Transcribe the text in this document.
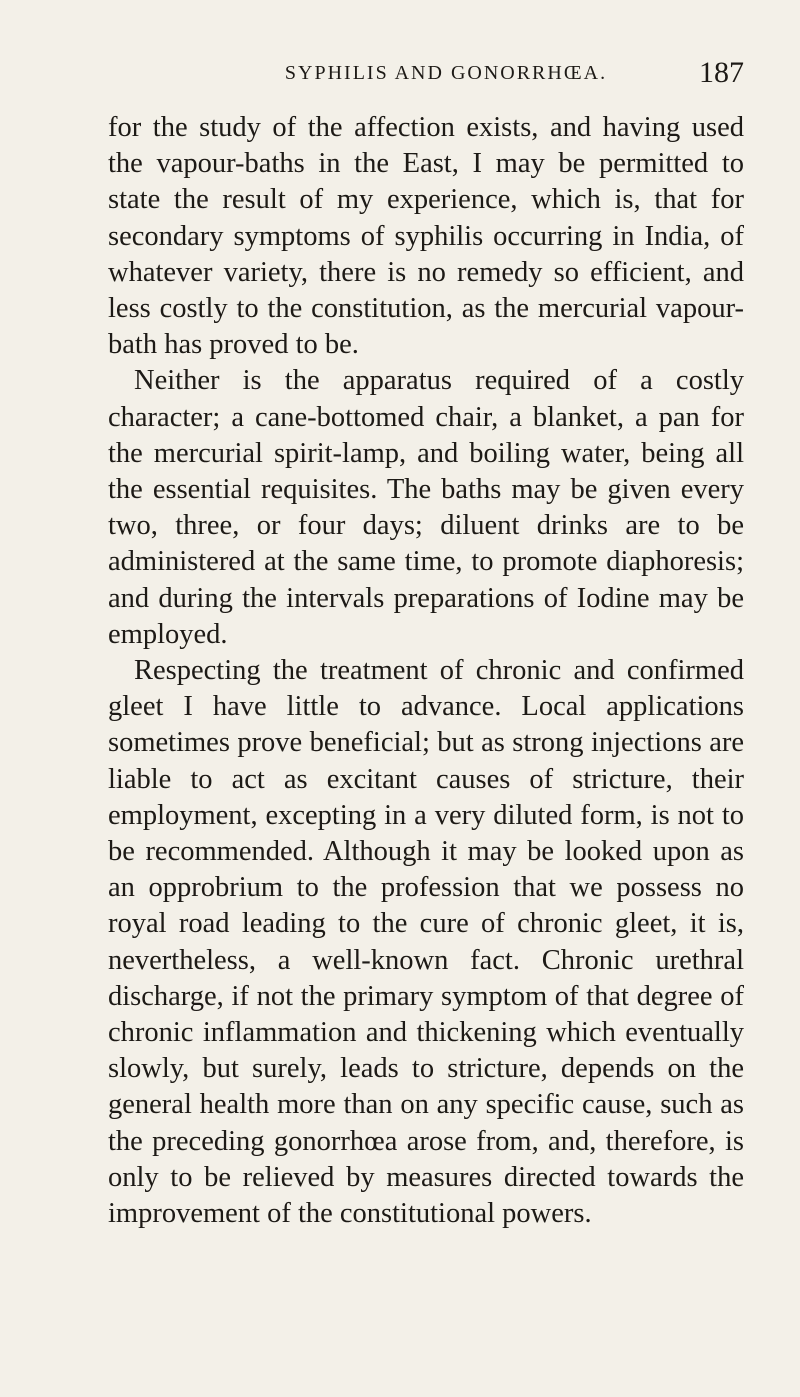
SYPHILIS AND GONORRHŒA.	187

for the study of the affection exists, and having used the vapour-baths in the East, I may be permitted to state the result of my experience, which is, that for secondary symptoms of syphilis occurring in India, of whatever variety, there is no remedy so efficient, and less costly to the constitution, as the mercurial vapour-bath has proved to be.

Neither is the apparatus required of a costly character; a cane-bottomed chair, a blanket, a pan for the mercurial spirit-lamp, and boiling water, being all the essential requisites. The baths may be given every two, three, or four days; diluent drinks are to be administered at the same time, to promote diaphoresis; and during the intervals preparations of Iodine may be employed.

Respecting the treatment of chronic and confirmed gleet I have little to advance. Local applications sometimes prove beneficial; but as strong injections are liable to act as excitant causes of stricture, their employment, excepting in a very diluted form, is not to be recommended. Although it may be looked upon as an opprobrium to the profession that we possess no royal road leading to the cure of chronic gleet, it is, nevertheless, a well-known fact. Chronic urethral discharge, if not the primary symptom of that degree of chronic inflammation and thickening which eventually slowly, but surely, leads to stricture, depends on the general health more than on any specific cause, such as the preceding gonorrhœa arose from, and, therefore, is only to be relieved by measures directed towards the improvement of the constitutional powers.
